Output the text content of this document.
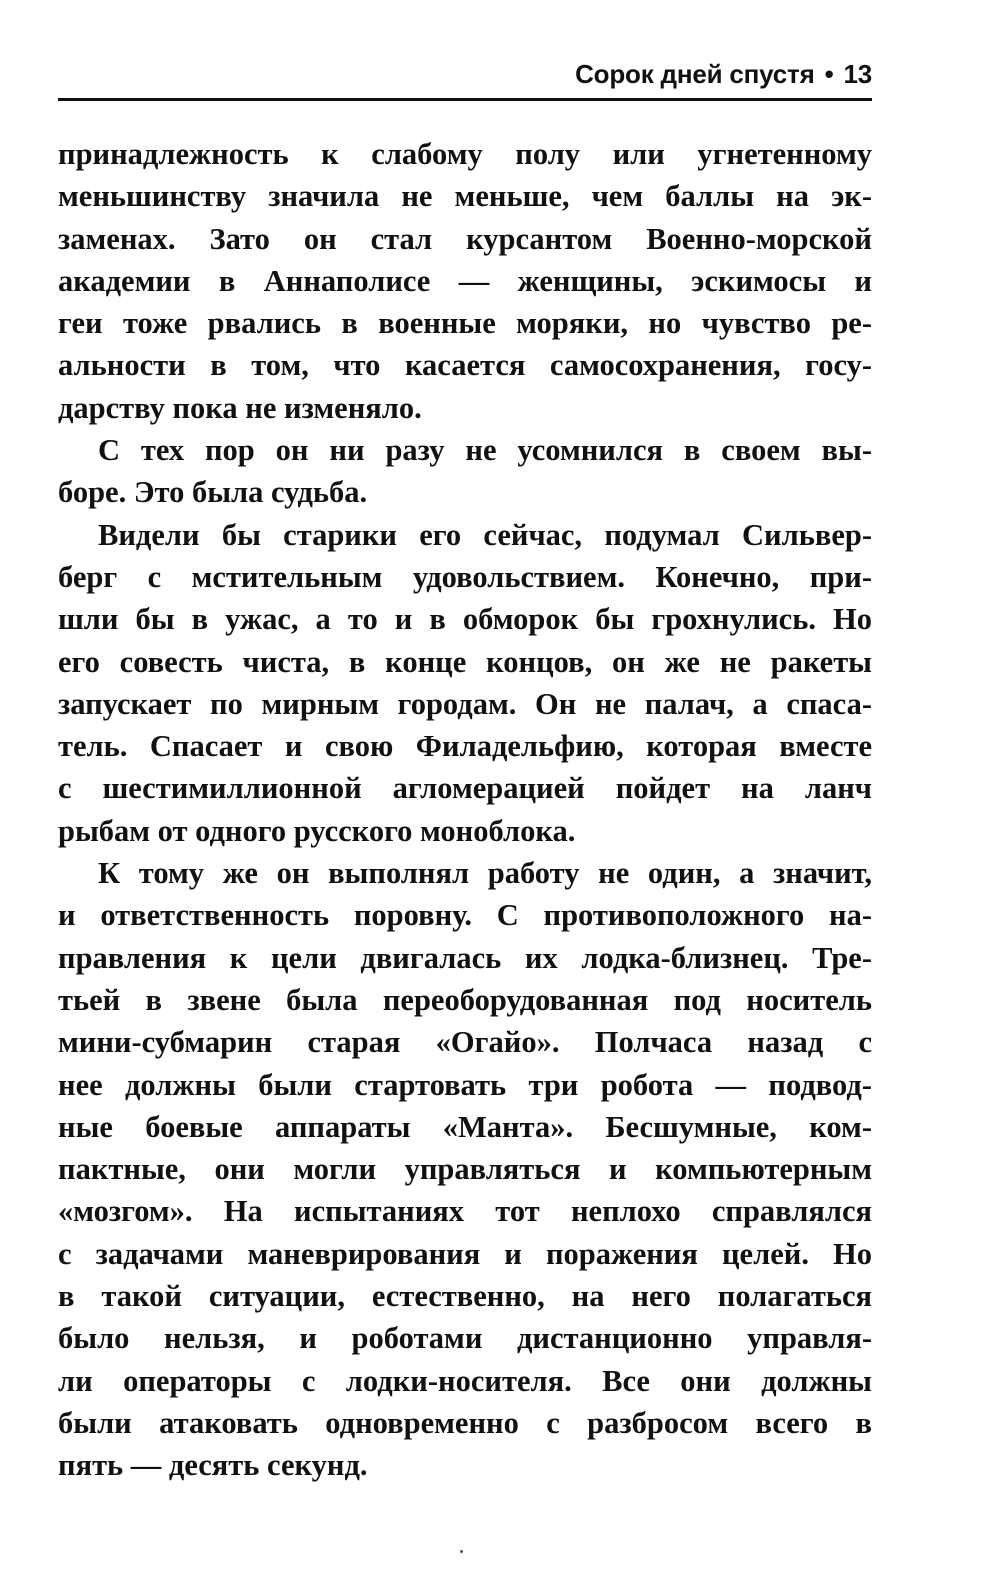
Сорок дней спустя • 13
принадлежность к слабому полу или угнетенному
меньшинству значила не меньше, чем баллы на эк-
заменах. Зато он стал курсантом Военно-морской
академии в Аннаполисе — женщины, эскимосы и
геи тоже рвались в военные моряки, но чувство ре-
альности в том, что касается самосохранения, госу-
дарству пока не изменяло.
С тех пор он ни разу не усомнился в своем вы-
боре. Это была судьба.
Видели бы старики его сейчас, подумал Сильвер-
берг с мстительным удовольствием. Конечно, при-
шли бы в ужас, а то и в обморок бы грохнулись. Но
его совесть чиста, в конце концов, он же не ракеты
запускает по мирным городам. Он не палач, а спаса-
тель. Спасает и свою Филадельфию, которая вместе
с шестимиллионной агломерацией пойдет на ланч
рыбам от одного русского моноблока.
К тому же он выполнял работу не один, а значит,
и ответственность поровну. С противоположного на-
правления к цели двигалась их лодка-близнец. Тре-
тьей в звене была переоборудованная под носитель
мини-субмарин старая «Огайо». Полчаса назад с
нее должны были стартовать три робота — подвод-
ные боевые аппараты «Манта». Бесшумные, ком-
пактные, они могли управляться и компьютерным
«мозгом». На испытаниях тот неплохо справлялся
с задачами маневрирования и поражения целей. Но
в такой ситуации, естественно, на него полагаться
было нельзя, и роботами дистанционно управля-
ли операторы с лодки-носителя. Все они должны
были атаковать одновременно с разбросом всего в
пять — десять секунд.
